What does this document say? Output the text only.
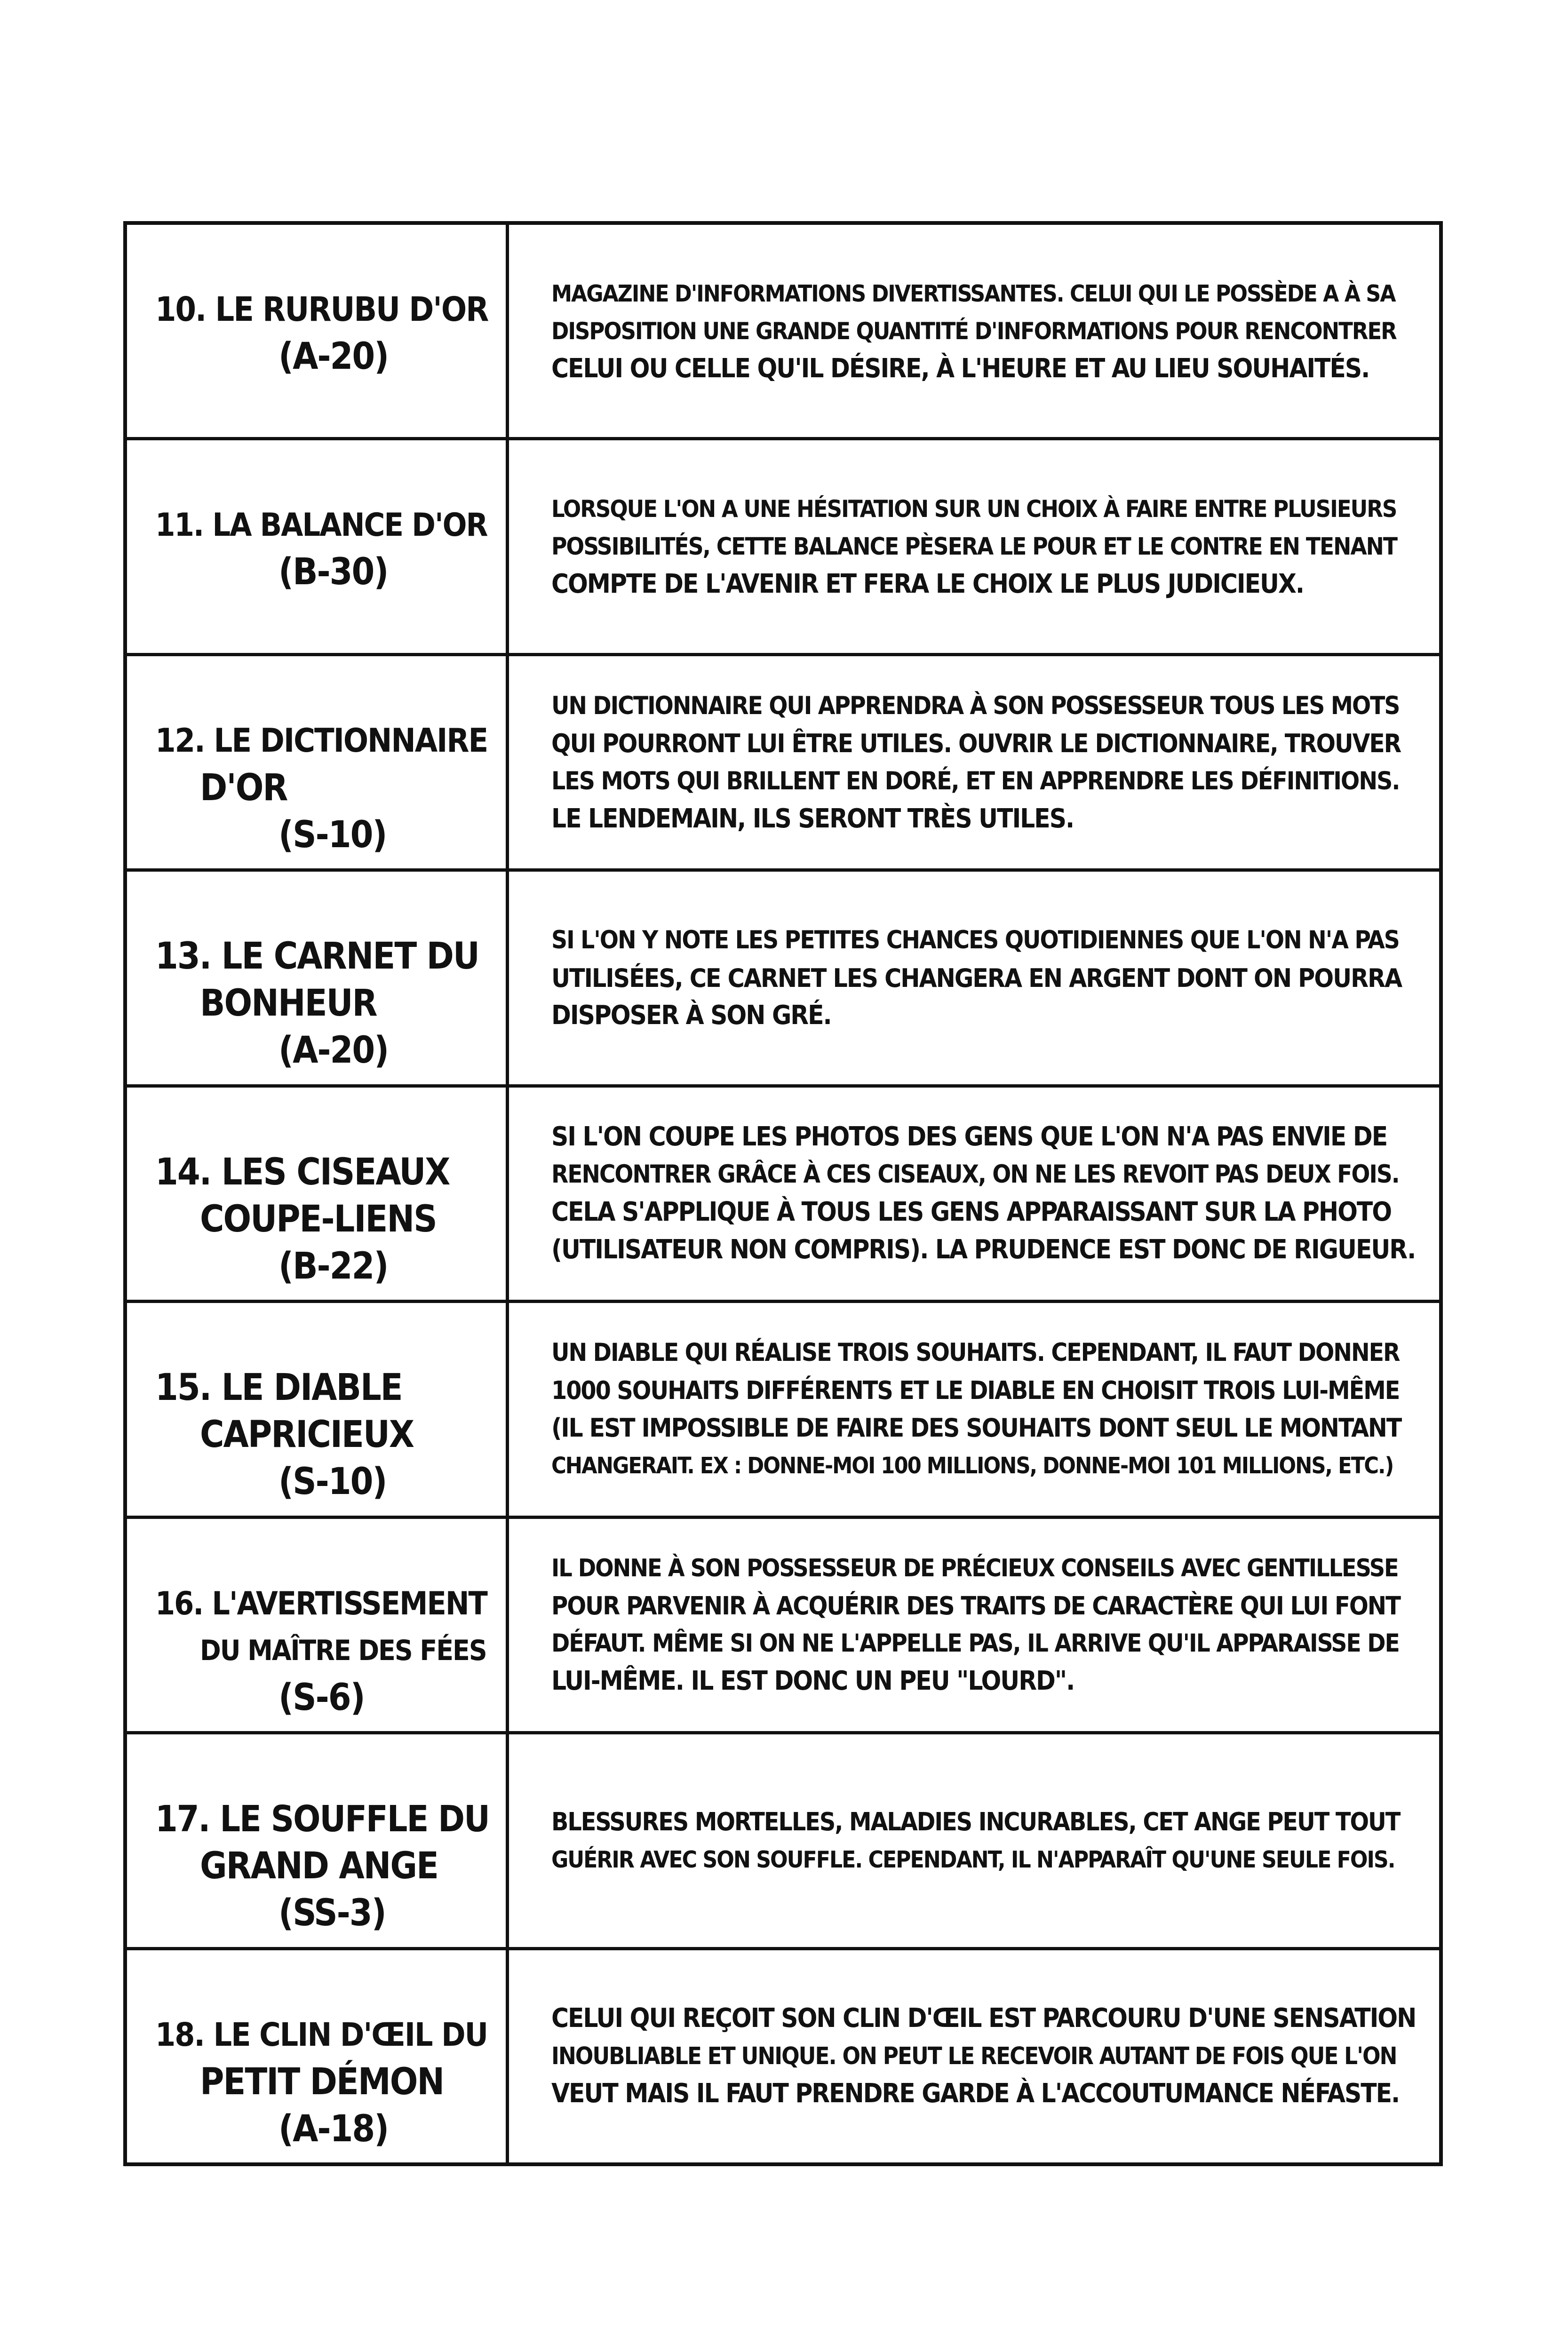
10. LE RURUBU D'OR
(A-20)
MAGAZINE D'INFORMATIONS DIVERTISSANTES. CELUI QUI LE POSSÈDE A À SA
DISPOSITION UNE GRANDE QUANTITÉ D'INFORMATIONS POUR RENCONTRER
CELUI OU CELLE QU'IL DÉSIRE, À L'HEURE ET AU LIEU SOUHAITÉS.
11. LA BALANCE D'OR
(B-30)
LORSQUE L'ON A UNE HÉSITATION SUR UN CHOIX À FAIRE ENTRE PLUSIEURS
POSSIBILITÉS, CETTE BALANCE PÈSERA LE POUR ET LE CONTRE EN TENANT
COMPTE DE L'AVENIR ET FERA LE CHOIX LE PLUS JUDICIEUX.
12. LE DICTIONNAIRE
D'OR
(S-10)
UN DICTIONNAIRE QUI APPRENDRA À SON POSSESSEUR TOUS LES MOTS
QUI POURRONT LUI ÊTRE UTILES. OUVRIR LE DICTIONNAIRE, TROUVER
LES MOTS QUI BRILLENT EN DORÉ, ET EN APPRENDRE LES DÉFINITIONS.
LE LENDEMAIN, ILS SERONT TRÈS UTILES.
13. LE CARNET DU
BONHEUR
(A-20)
SI L'ON Y NOTE LES PETITES CHANCES QUOTIDIENNES QUE L'ON N'A PAS
UTILISÉES, CE CARNET LES CHANGERA EN ARGENT DONT ON POURRA
DISPOSER À SON GRÉ.
14. LES CISEAUX
COUPE-LIENS
(B-22)
SI L'ON COUPE LES PHOTOS DES GENS QUE L'ON N'A PAS ENVIE DE
RENCONTRER GRÂCE À CES CISEAUX, ON NE LES REVOIT PAS DEUX FOIS.
CELA S'APPLIQUE À TOUS LES GENS APPARAISSANT SUR LA PHOTO
(UTILISATEUR NON COMPRIS). LA PRUDENCE EST DONC DE RIGUEUR.
15. LE DIABLE
CAPRICIEUX
(S-10)
UN DIABLE QUI RÉALISE TROIS SOUHAITS. CEPENDANT, IL FAUT DONNER
1000 SOUHAITS DIFFÉRENTS ET LE DIABLE EN CHOISIT TROIS LUI-MÊME
(IL EST IMPOSSIBLE DE FAIRE DES SOUHAITS DONT SEUL LE MONTANT
CHANGERAIT. EX : DONNE-MOI 100 MILLIONS, DONNE-MOI 101 MILLIONS, ETC.)
16. L'AVERTISSEMENT
DU MAÎTRE DES FÉES
(S-6)
IL DONNE À SON POSSESSEUR DE PRÉCIEUX CONSEILS AVEC GENTILLESSE
POUR PARVENIR À ACQUÉRIR DES TRAITS DE CARACTÈRE QUI LUI FONT
DÉFAUT. MÊME SI ON NE L'APPELLE PAS, IL ARRIVE QU'IL APPARAISSE DE
LUI-MÊME. IL EST DONC UN PEU "LOURD".
17. LE SOUFFLE DU
GRAND ANGE
(SS-3)
BLESSURES MORTELLES, MALADIES INCURABLES, CET ANGE PEUT TOUT
GUÉRIR AVEC SON SOUFFLE. CEPENDANT, IL N'APPARAÎT QU'UNE SEULE FOIS.
18. LE CLIN D'ŒIL DU
PETIT DÉMON
(A-18)
CELUI QUI REÇOIT SON CLIN D'ŒIL EST PARCOURU D'UNE SENSATION
INOUBLIABLE ET UNIQUE. ON PEUT LE RECEVOIR AUTANT DE FOIS QUE L'ON
VEUT MAIS IL FAUT PRENDRE GARDE À L'ACCOUTUMANCE NÉFASTE.
